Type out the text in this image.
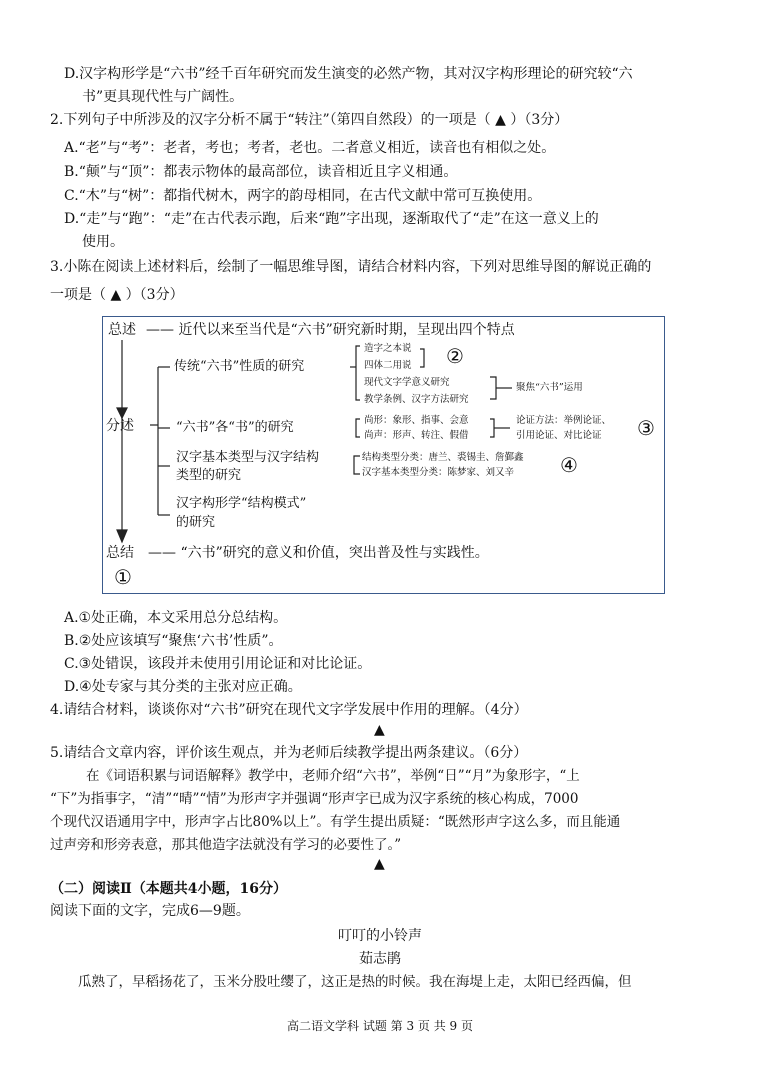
D.汉字构形学是“六书”经千百年研究而发生演变的必然产物，其对汉字构形理论的研究较“六
书”更具现代性与广阔性。
2.下列句子中所涉及的汉字分析不属于“转注”（第四自然段）的一项是（ ▲ ）（3分）
A.“老”与“考”：老者，考也；考者，老也。二者意义相近，读音也有相似之处。
B.“颠”与“顶”：都表示物体的最高部位，读音相近且字义相通。
C.“木”与“树”：都指代树木，两字的韵母相同，在古代文献中常可互换使用。
D.“走”与“跑”：“走”在古代表示跑，后来“跑”字出现，逐渐取代了“走”在这一意义上的
使用。
3.小陈在阅读上述材料后，绘制了一幅思维导图，请结合材料内容，下列对思维导图的解说正确的
一项是（ ▲ ）（3分）
总述 —— 近代以来至当代是“六书”研究新时期，呈现出四个特点
分述
传统“六书”性质的研究
造字之本说
四体二用说
现代文字学意义研究
教学条例、汉字方法研究
聚焦“六书”运用
②
“六书”各“书”的研究	尚形：象形、指事、会意
尚声：形声、转注、假借
论证方法：举例论证、
引用论证、对比论证 ③
汉字基本类型与汉字结构
类型的研究
结构类型分类：唐兰、裘锡圭、詹鄞鑫
汉字基本类型分类：陈梦家、刘又辛 ④
汉字构形学“结构模式”
的研究
总结 —— “六书”研究的意义和价值，突出普及性与实践性。
①
A.①处正确，本文采用总分总结构。
B.②处应该填写“聚焦‘六书’性质”。
C.③处错误，该段并未使用引用论证和对比论证。
D.④处专家与其分类的主张对应正确。
4.请结合材料，谈谈你对“六书”研究在现代文字学发展中作用的理解。（4分）
▲
5.请结合文章内容，评价该生观点，并为老师后续教学提出两条建议。（6分）
在《词语积累与词语解释》教学中，老师介绍“六书”，举例“日”“月”为象形字，“上
“下”为指事字，“清”“晴”“情”为形声字并强调“形声字已成为汉字系统的核心构成，7000
个现代汉语通用字中，形声字占比80%以上”。有学生提出质疑：“既然形声字这么多，而且能通
过声旁和形旁表意，那其他造字法就没有学习的必要性了。”
▲
（二）阅读Ⅱ（本题共4小题，16分）
阅读下面的文字，完成6—9题。
叮叮的小铃声
茹志鹃
瓜熟了，早稻扬花了，玉米分股吐缨了，这正是热的时候。我在海堤上走，太阳已经西偏，但
高二语文学科 试题 第 3 页 共 9 页
